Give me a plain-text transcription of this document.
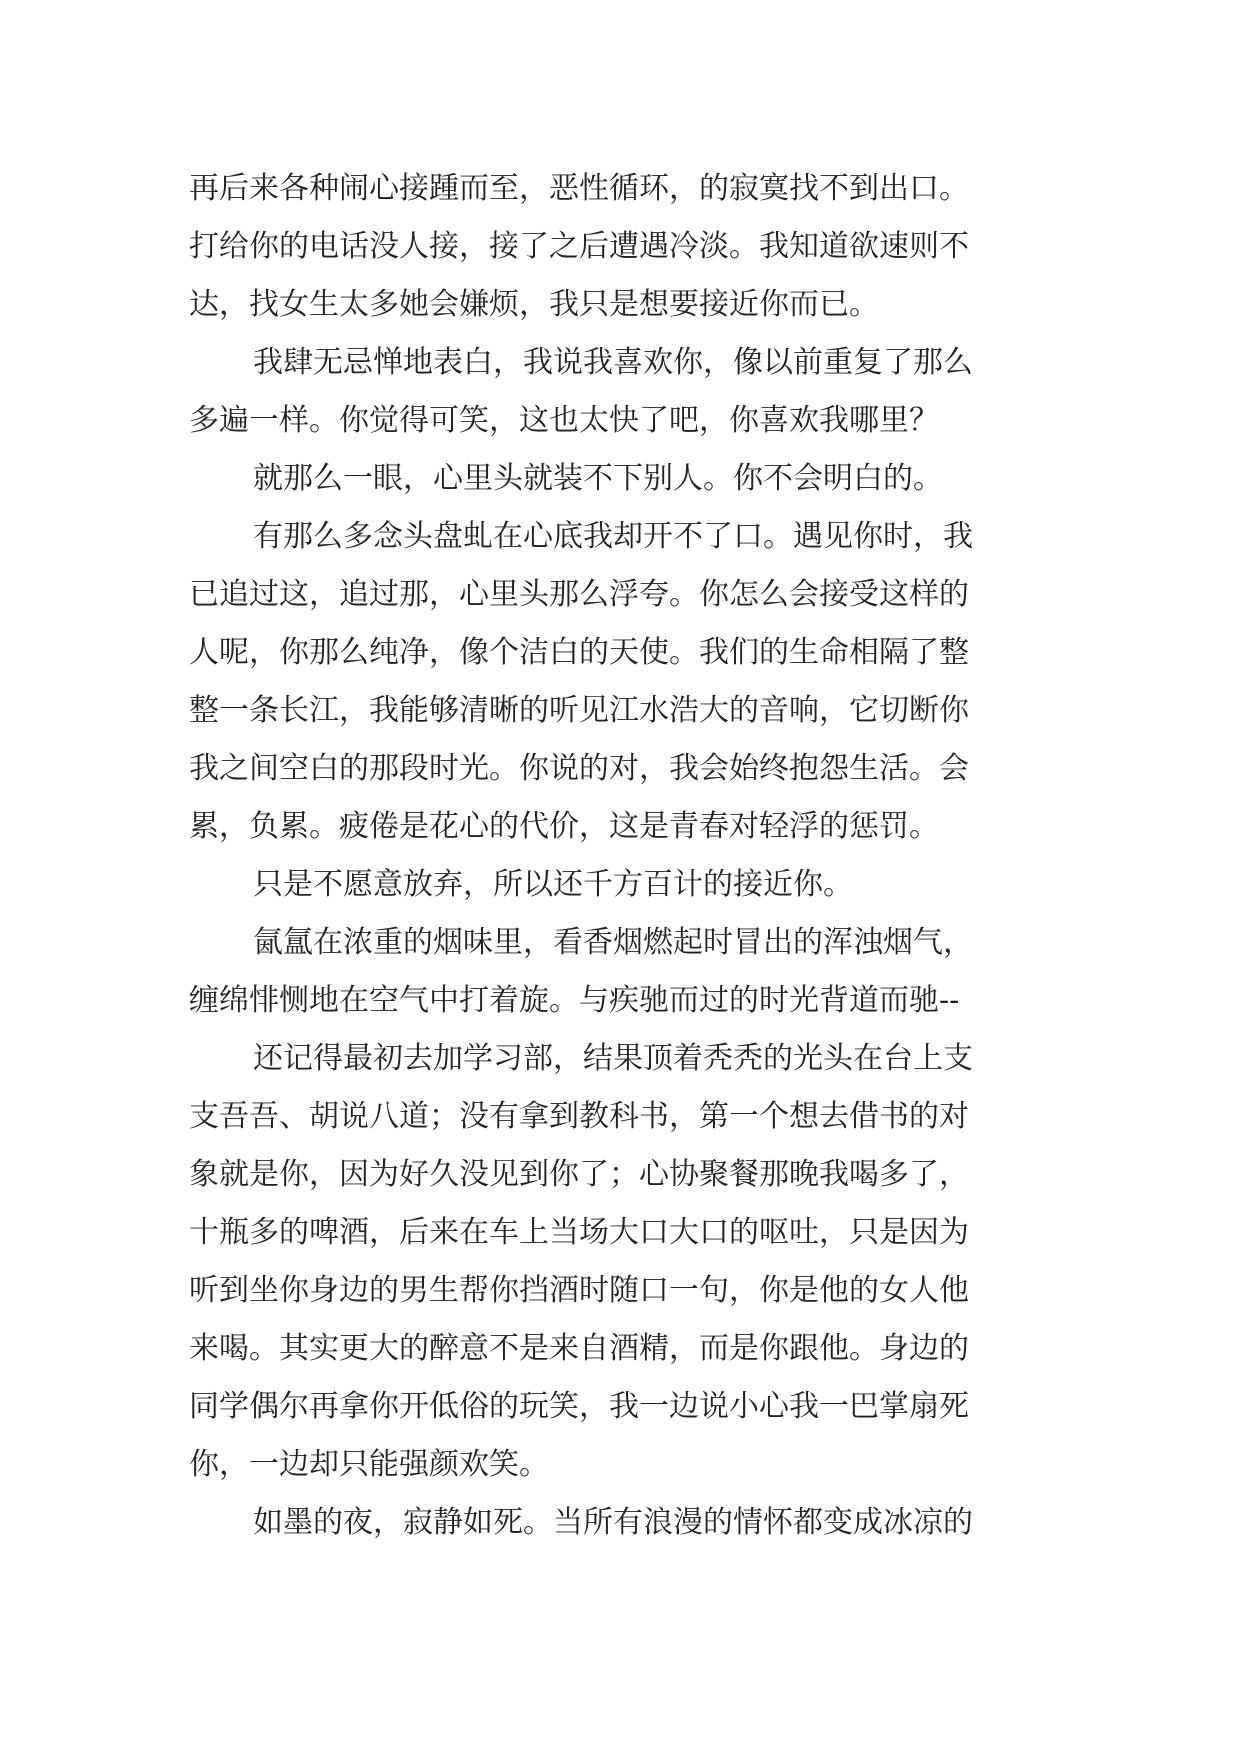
再后来各种闹心接踵而至，恶性循环，的寂寞找不到出口。
打给你的电话没人接，接了之后遭遇冷淡。我知道欲速则不
达，找女生太多她会嫌烦，我只是想要接近你而已。
我肆无忌惮地表白，我说我喜欢你，像以前重复了那么
多遍一样。你觉得可笑，这也太快了吧，你喜欢我哪里？
就那么一眼，心里头就装不下别人。你不会明白的。
有那么多念头盘虬在心底我却开不了口。遇见你时，我
已追过这，追过那，心里头那么浮夸。你怎么会接受这样的
人呢，你那么纯净，像个洁白的天使。我们的生命相隔了整
整一条长江，我能够清晰的听见江水浩大的音响，它切断你
我之间空白的那段时光。你说的对，我会始终抱怨生活。会
累，负累。疲倦是花心的代价，这是青春对轻浮的惩罚。
只是不愿意放弃，所以还千方百计的接近你。
氤氲在浓重的烟味里，看香烟燃起时冒出的浑浊烟气，
缠绵悱恻地在空气中打着旋。与疾驰而过的时光背道而驰--
还记得最初去加学习部，结果顶着秃秃的光头在台上支
支吾吾、胡说八道；没有拿到教科书，第一个想去借书的对
象就是你，因为好久没见到你了；心协聚餐那晚我喝多了，
十瓶多的啤酒，后来在车上当场大口大口的呕吐，只是因为
听到坐你身边的男生帮你挡酒时随口一句，你是他的女人他
来喝。其实更大的醉意不是来自酒精，而是你跟他。身边的
同学偶尔再拿你开低俗的玩笑，我一边说小心我一巴掌扇死
你，一边却只能强颜欢笑。
如墨的夜，寂静如死。当所有浪漫的情怀都变成冰凉的
